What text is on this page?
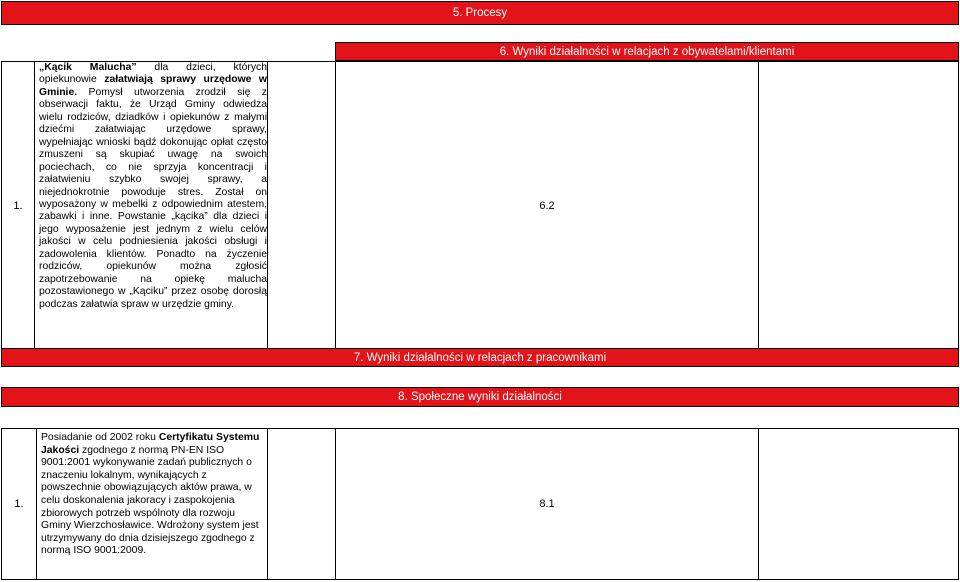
5. Procesy
6. Wyniki działalności w relacjach z obywatelami/klientami
1.

„Kącik Malucha” dla dzieci, których opiekunowie załatwiają sprawy urzędowe w Gminie. Pomysł utworzenia zrodził się z obserwacji faktu, że Urząd Gminy odwiedza wielu rodziców, dziadków i opiekunów z małymi dziećmi załatwiając urzędowe sprawy, wypełniając wnioski bądź dokonując opłat często zmuszeni są skupiać uwagę na swoich pociechach, co nie sprzyja koncentracji i załatwieniu szybko swojej sprawy, a niejednokrotnie powoduje stres. Został on wyposażony w mebelki z odpowiednim atestem, zabawki i inne. Powstanie „kącika” dla dzieci i jego wyposażenie jest jednym z wielu celów jakości w celu podniesienia jakości obsługi i zadowolenia klientów. Ponadto na życzenie rodziców, opiekunów można zgłosić zapotrzebowanie na opiekę malucha pozostawionego w „Kąciku” przez osobę dorosłą podczas załatwia spraw w urzędzie gminy.

6.2
7. Wyniki działalności w relacjach z pracownikami
8. Społeczne wyniki działalności
1.

Posiadanie od 2002 roku Certyfikatu Systemu Jakości zgodnego z normą PN-EN ISO 9001:2001 wykonywanie zadań publicznych o znaczeniu lokalnym, wynikających z powszechnie obowiązujących aktów prawa, w celu doskonalenia jakoracy i zaspokojenia zbiorowych potrzeb wspólnoty dla rozwoju Gminy Wierzchosławice. Wdrożony system jest utrzymywany do dnia dzisiejszego zgodnego z normą ISO 9001:2009.

8.1
